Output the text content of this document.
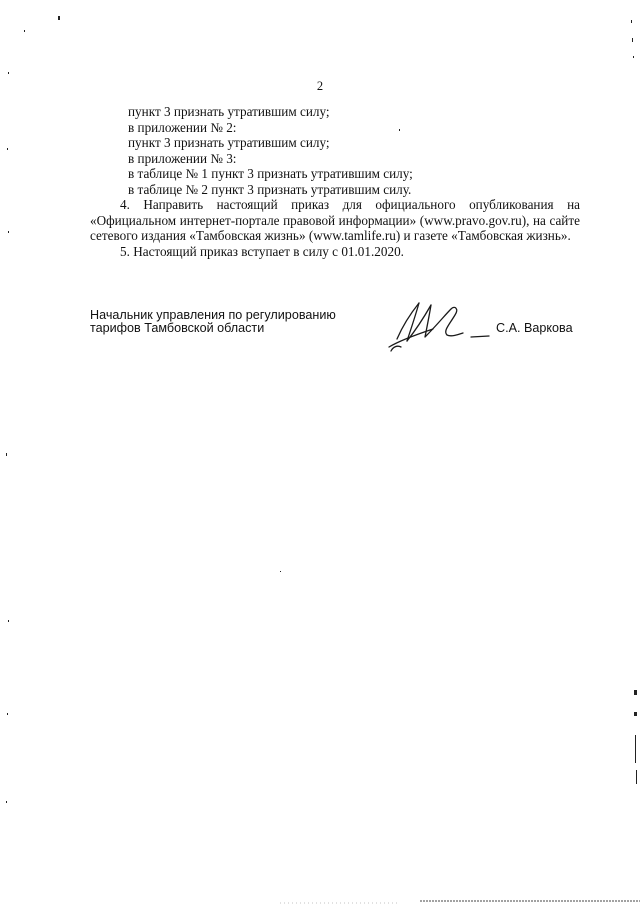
2

пункт 3 признать утратившим силу;

в приложении № 2:

пункт 3 признать утратившим силу;

в приложении № 3:

в таблице № 1 пункт 3 признать утратившим силу;

в таблице № 2 пункт 3 признать утратившим силу.

4. Направить настоящий приказ для официального опубликования на «Официальном интернет-портале правовой информации» (www.pravo.gov.ru), на сайте сетевого издания «Тамбовская жизнь» (www.tamlife.ru) и газете «Тамбовская жизнь».

5. Настоящий приказ вступает в силу с 01.01.2020.

Начальник управления по регулированию
тарифов Тамбовской области	С.А. Варкова
